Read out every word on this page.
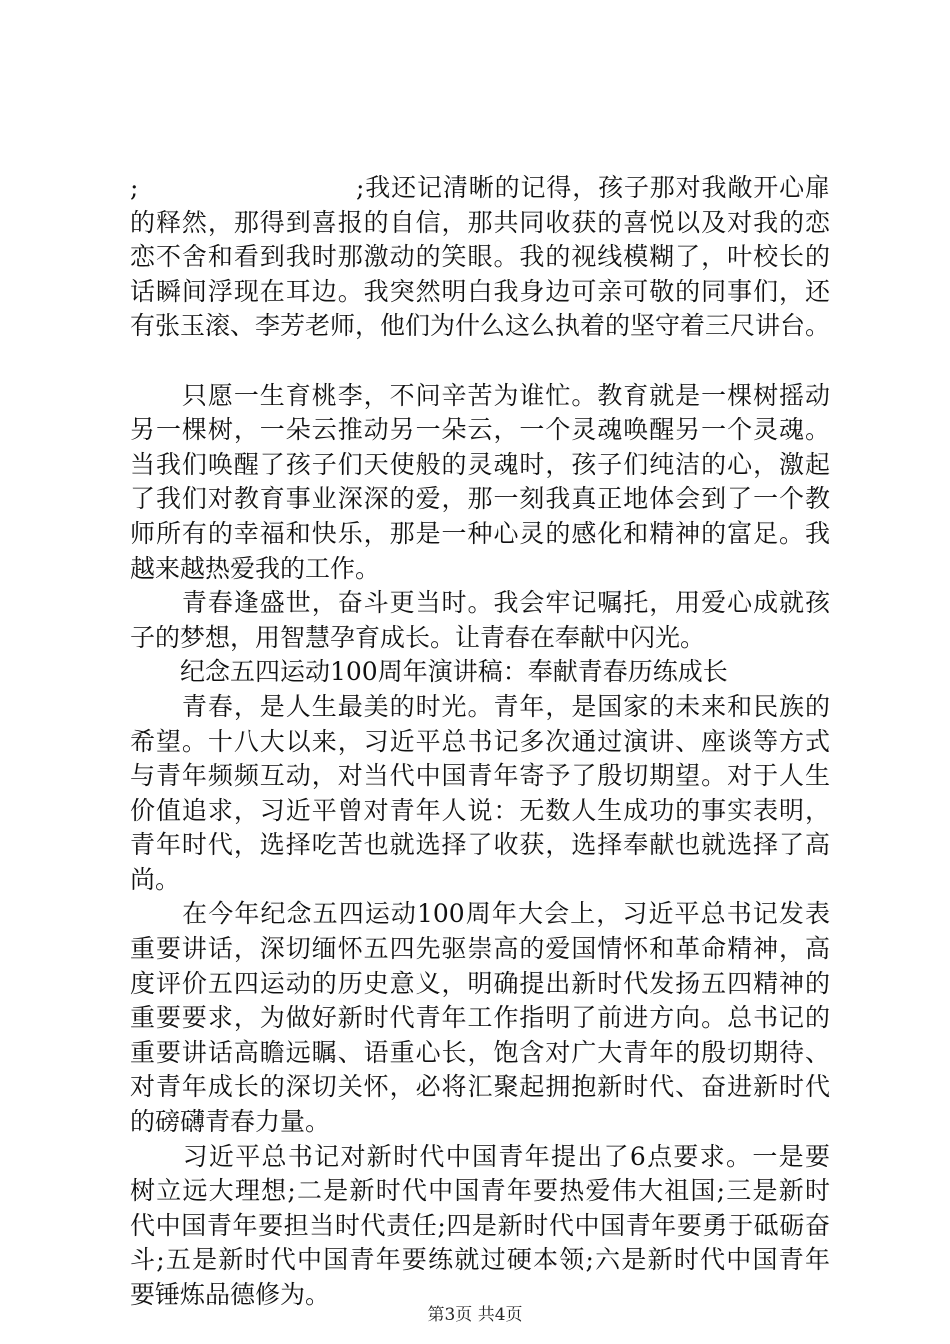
;	;我还记清晰的记得，孩子那对我敞开心扉
的释然，那得到喜报的自信，那共同收获的喜悦以及对我的恋
恋不舍和看到我时那激动的笑眼。我的视线模糊了，叶校长的
话瞬间浮现在耳边。我突然明白我身边可亲可敬的同事们，还
有张玉滚、李芳老师，他们为什么这么执着的坚守着三尺讲台。
　　只愿一生育桃李，不问辛苦为谁忙。教育就是一棵树摇动
另一棵树，一朵云推动另一朵云，一个灵魂唤醒另一个灵魂。
当我们唤醒了孩子们天使般的灵魂时，孩子们纯洁的心，激起
了我们对教育事业深深的爱，那一刻我真正地体会到了一个教
师所有的幸福和快乐，那是一种心灵的感化和精神的富足。我
越来越热爱我的工作。
　　青春逢盛世，奋斗更当时。我会牢记嘱托，用爱心成就孩
子的梦想，用智慧孕育成长。让青春在奉献中闪光。
　　纪念五四运动100周年演讲稿：奉献青春历练成长
　　青春，是人生最美的时光。青年，是国家的未来和民族的
希望。十八大以来，习近平总书记多次通过演讲、座谈等方式
与青年频频互动，对当代中国青年寄予了殷切期望。对于人生
价值追求，习近平曾对青年人说：无数人生成功的事实表明，
青年时代，选择吃苦也就选择了收获，选择奉献也就选择了高
尚。
　　在今年纪念五四运动100周年大会上，习近平总书记发表
重要讲话，深切缅怀五四先驱崇高的爱国情怀和革命精神，高
度评价五四运动的历史意义，明确提出新时代发扬五四精神的
重要要求，为做好新时代青年工作指明了前进方向。总书记的
重要讲话高瞻远瞩、语重心长，饱含对广大青年的殷切期待、
对青年成长的深切关怀，必将汇聚起拥抱新时代、奋进新时代
的磅礴青春力量。
　　习近平总书记对新时代中国青年提出了6点要求。一是要
树立远大理想;二是新时代中国青年要热爱伟大祖国;三是新时
代中国青年要担当时代责任;四是新时代中国青年要勇于砥砺奋
斗;五是新时代中国青年要练就过硬本领;六是新时代中国青年
要锤炼品德修为。
第3页 共4页
